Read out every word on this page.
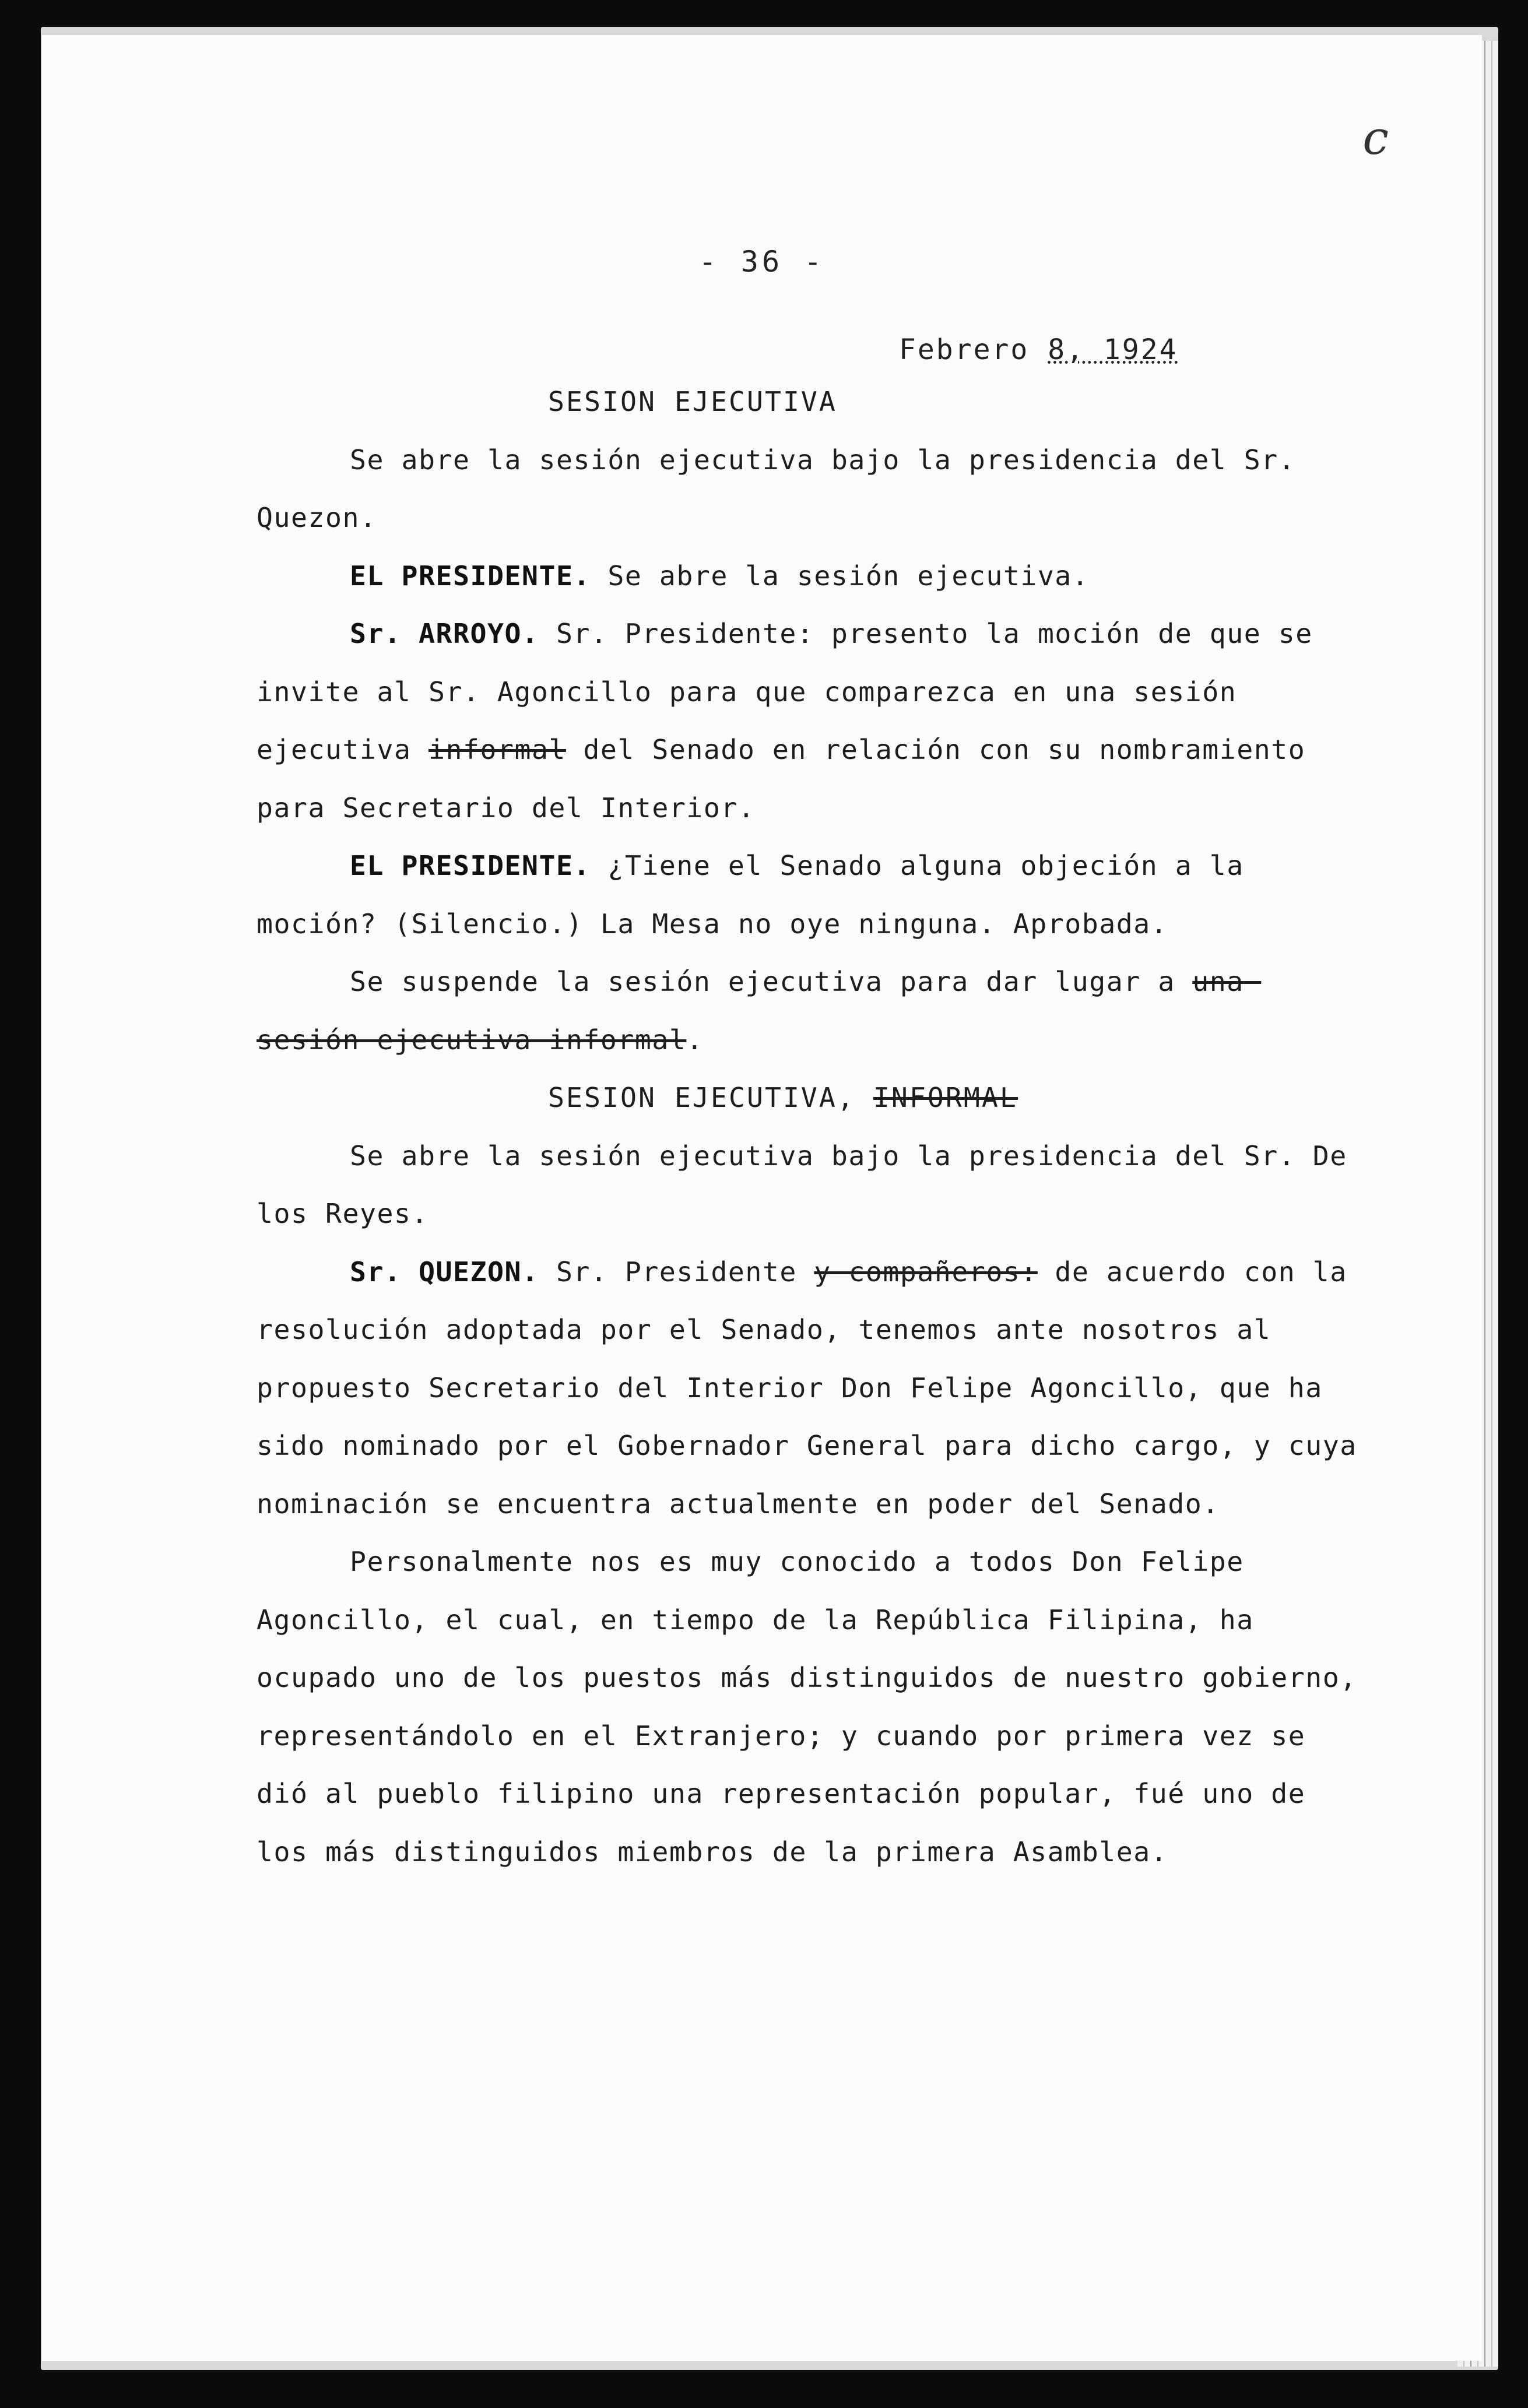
c
- 36 -
Febrero 8, 1924

SESION EJECUTIVA

Se abre la sesión ejecutiva bajo la presidencia del Sr. Quezon.

EL PRESIDENTE. Se abre la sesión ejecutiva.

Sr. ARROYO. Sr. Presidente: presento la moción de que se invite al Sr. Agoncillo para que comparezca en una sesión ejecutiva informal del Senado en relación con su nombramiento para Secretario del Interior.

EL PRESIDENTE. ¿Tiene el Senado alguna objeción a la moción? (Silencio.) La Mesa no oye ninguna. Aprobada.

Se suspende la sesión ejecutiva para dar lugar a una sesión ejecutiva informal.

SESION EJECUTIVA, INFORMAL

Se abre la sesión ejecutiva bajo la presidencia del Sr. De los Reyes.

Sr. QUEZON. Sr. Presidente y compañeros: de acuerdo con la resolución adoptada por el Senado, tenemos ante nosotros al propuesto Secretario del Interior Don Felipe Agoncillo, que ha sido nominado por el Gobernador General para dicho cargo, y cuya nominación se encuentra actualmente en poder del Senado.

Personalmente nos es muy conocido a todos Don Felipe Agoncillo, el cual, en tiempo de la República Filipina, ha ocupado uno de los puestos más distinguidos de nuestro gobierno, representándolo en el Extranjero; y cuando por primera vez se dió al pueblo filipino una representación popular, fué uno de los más distinguidos miembros de la primera Asamblea.
